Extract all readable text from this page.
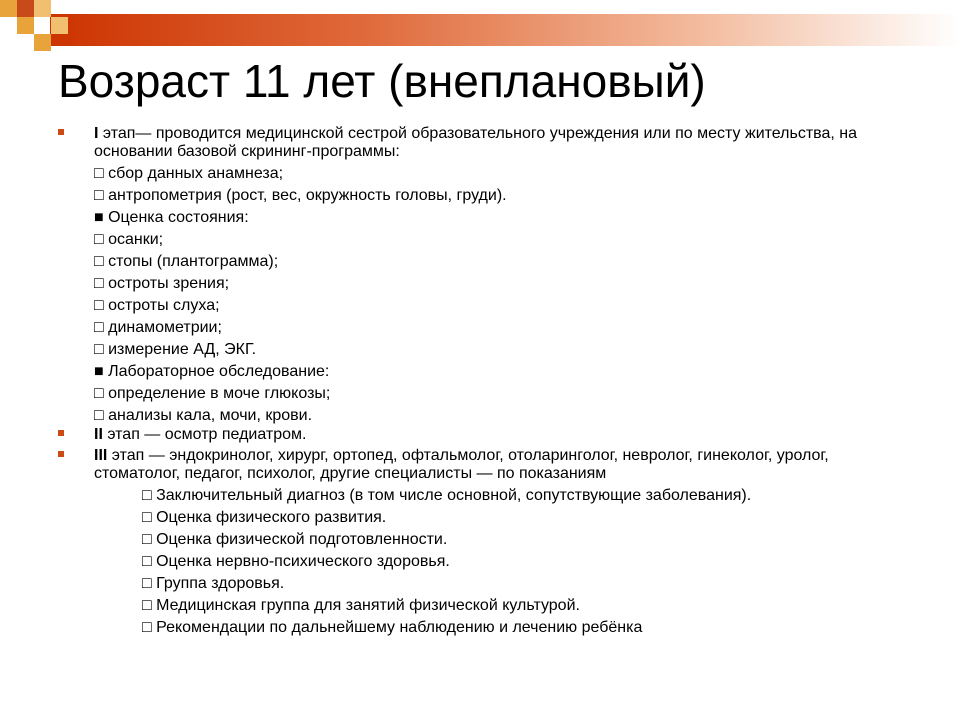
Возраст 11 лет (внеплановый)
I этап— проводится медицинской сестрой образовательного учреждения или по месту жительства, на основании базовой скрининг-программы:
□ сбор данных анамнеза;
□ антропометрия (рост, вес, окружность головы, груди).
■ Оценка состояния:
□ осанки;
□ стопы (плантограмма);
□ остроты зрения;
□ остроты слуха;
□ динамометрии;
□ измерение АД, ЭКГ.
■ Лабораторное обследование:
□ определение в моче глюкозы;
□ анализы кала, мочи, крови.
II этап — осмотр педиатром.
III этап — эндокринолог, хирург, ортопед, офтальмолог, отоларинголог, невролог, гинеколог, уролог, стоматолог, педагог, психолог, другие специалисты — по показаниям
□ Заключительный диагноз (в том числе основной, сопутствующие заболевания).
□ Оценка физического развития.
□ Оценка физической подготовленности.
□ Оценка нервно-психического здоровья.
□ Группа здоровья.
□ Медицинская группа для занятий физической культурой.
□ Рекомендации по дальнейшему наблюдению и лечению ребёнка
